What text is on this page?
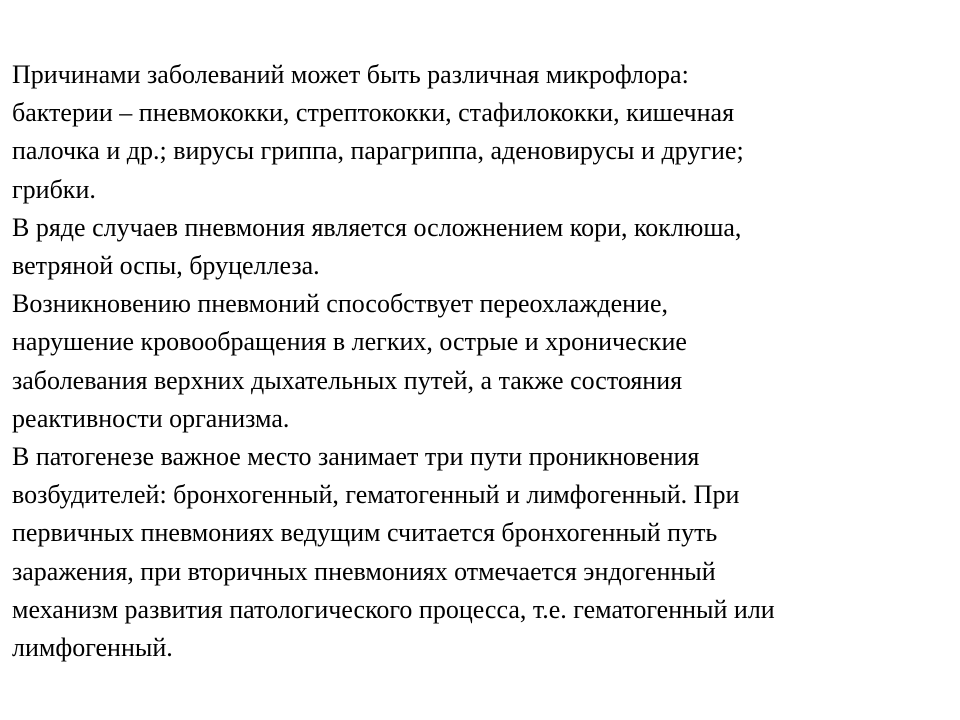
Причинами заболеваний может быть различная микрофлора:
бактерии – пневмококки, стрептококки, стафилококки, кишечная
палочка и др.; вирусы гриппа, парагриппа, аденовирусы и другие;
грибки.
В ряде случаев пневмония является осложнением кори, коклюша,
ветряной оспы, бруцеллеза.
Возникновению пневмоний способствует переохлаждение,
нарушение кровообращения в легких, острые и хронические
заболевания верхних дыхательных путей, а также состояния
реактивности организма.
В патогенезе важное место занимает три пути проникновения
возбудителей: бронхогенный, гематогенный и лимфогенный. При
первичных пневмониях ведущим считается бронхогенный путь
заражения, при вторичных пневмониях отмечается эндогенный
механизм развития патологического процесса, т.е. гематогенный или
лимфогенный.
